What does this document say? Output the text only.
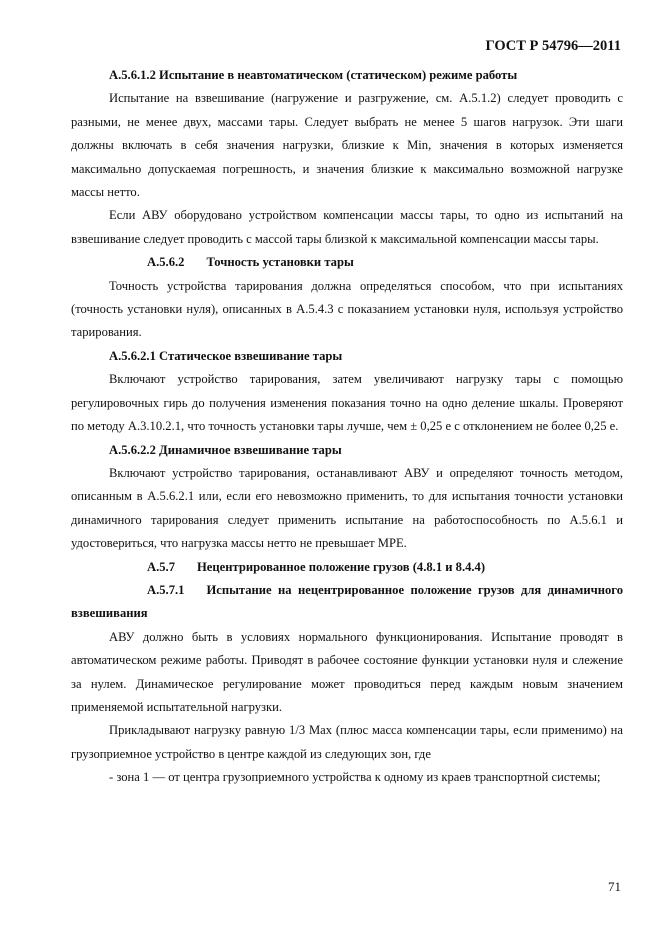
ГОСТ Р 54796—2011

A.5.6.1.2 Испытание в неавтоматическом (статическом) режиме работы

Испытание на взвешивание (нагружение и разгружение, см. A.5.1.2) следует проводить с разными, не менее двух, массами тары. Следует выбрать не менее 5 шагов нагрузок. Эти шаги должны включать в себя значения нагрузки, близкие к Min, значения в которых изменяется максимально допускаемая погрешность, и значения близкие к максимально возможной нагрузке массы нетто.

Если АВУ оборудовано устройством компенсации массы тары, то одно из испытаний на взвешивание следует проводить с массой тары близкой к максимальной компенсации массы тары.

A.5.6.2 Точность установки тары

Точность устройства тарирования должна определяться способом, что при испытаниях (точность установки нуля), описанных в A.5.4.3 с показанием установки нуля, используя устройство тарирования.

A.5.6.2.1 Статическое взвешивание тары

Включают устройство тарирования, затем увеличивают нагрузку тары с помощью регулировочных гирь до получения изменения показания точно на одно деление шкалы. Проверяют по методу A.3.10.2.1, что точность установки тары лучше, чем ± 0,25 e с отклонением не более 0,25 e.

A.5.6.2.2 Динамичное взвешивание тары

Включают устройство тарирования, останавливают АВУ и определяют точность методом, описанным в A.5.6.2.1 или, если его невозможно применить, то для испытания точности установки динамичного тарирования следует применить испытание на работоспособность по A.5.6.1 и удостовериться, что нагрузка массы нетто не превышает МРЕ.

A.5.7 Нецентрированное положение грузов (4.8.1 и 8.4.4)

A.5.7.1 Испытание на нецентрированное положение грузов для динамичного взвешивания

АВУ должно быть в условиях нормального функционирования. Испытание проводят в автоматическом режиме работы. Приводят в рабочее состояние функции установки нуля и слежение за нулем. Динамическое регулирование может проводиться перед каждым новым значением применяемой испытательной нагрузки.

Прикладывают нагрузку равную 1/3 Max (плюс масса компенсации тары, если применимо) на грузоприемное устройство в центре каждой из следующих зон, где

- зона 1 — от центра грузоприемного устройства к одному из краев транспортной системы;

71
